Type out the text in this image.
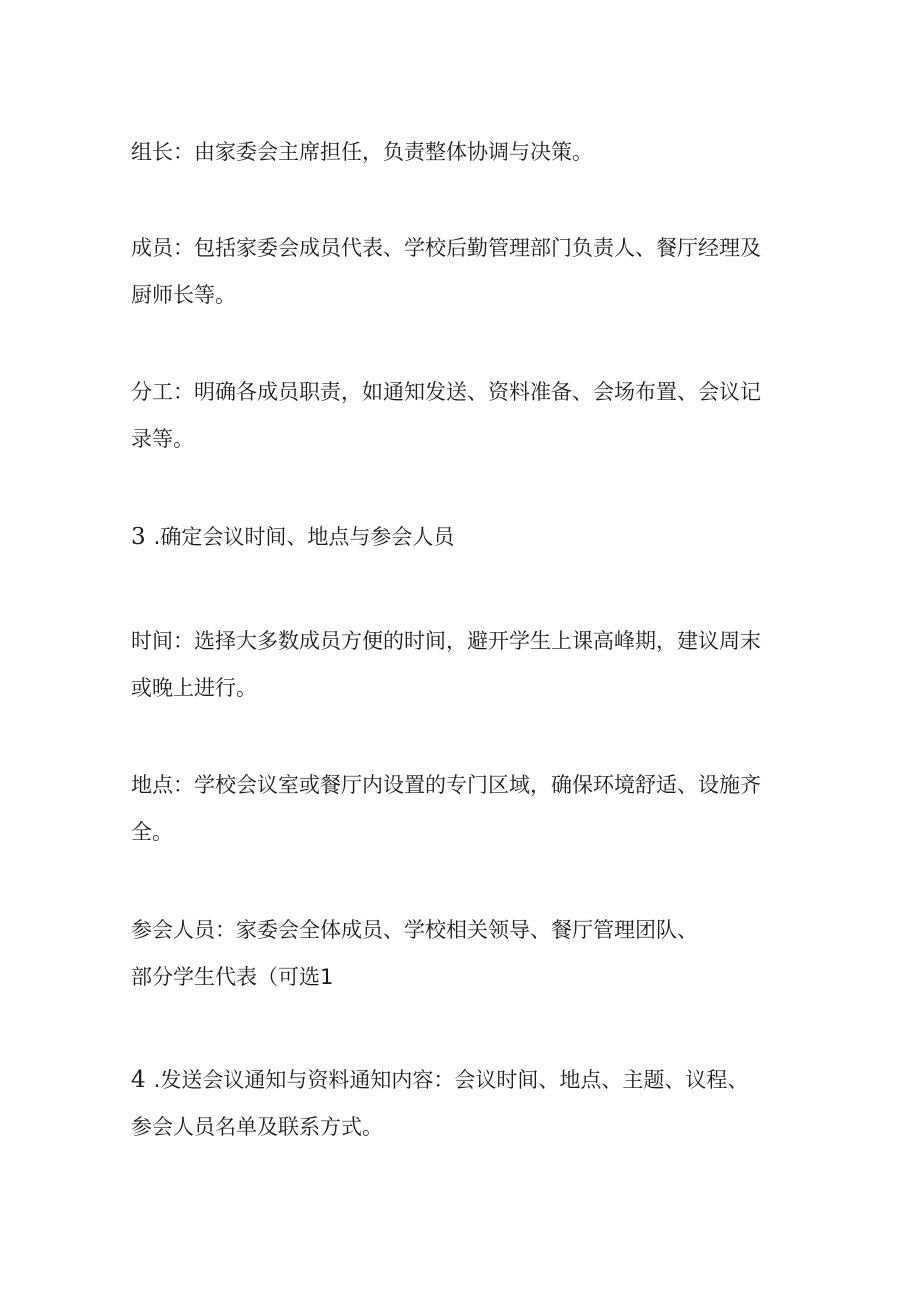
组长：由家委会主席担任，负责整体协调与决策。

成员：包括家委会成员代表、学校后勤管理部门负责人、餐厅经理及
厨师长等。

分工：明确各成员职责，如通知发送、资料准备、会场布置、会议记
录等。

3 .确定会议时间、地点与参会人员

时间：选择大多数成员方便的时间，避开学生上课高峰期，建议周末
或晚上进行。

地点：学校会议室或餐厅内设置的专门区域，确保环境舒适、设施齐
全。

参会人员：家委会全体成员、学校相关领导、餐厅管理团队、
部分学生代表（可选1

4 .发送会议通知与资料通知内容：会议时间、地点、主题、议程、
参会人员名单及联系方式。
